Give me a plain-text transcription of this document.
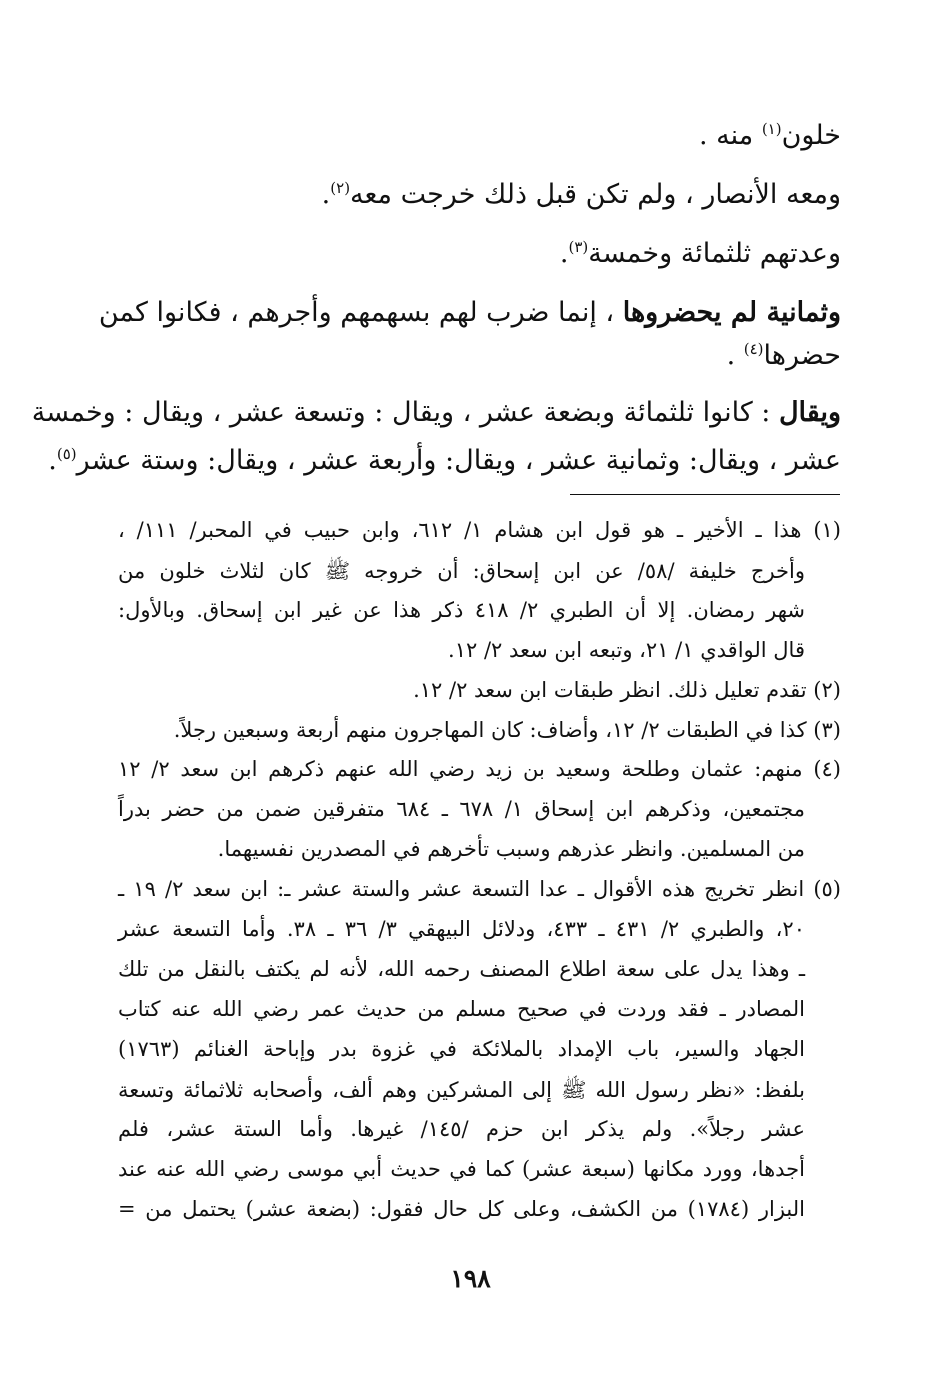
خلون$^{(١)}$ منه .
ومعه الأنصار ، ولم تكن قبل ذلك خرجت معه$^{(٢)}$.
وعدتهم ثلثمائة وخمسة$^{(٣)}$.
وثمانية لم يحضروها ، إنما ضرب لهم بسهمهم وأجرهم ، فكانوا كمن
حضرها$^{(٤)}$ .
ويقال : كانوا ثلثمائة وبضعة عشر ، ويقال : وتسعة عشر ، ويقال : وخمسة
عشر ، ويقال: وثمانية عشر ، ويقال: وأربعة عشر ، ويقال: وستة عشر$^{(٥)}$.
(١) هذا ـ الأخير ـ هو قول ابن هشام ١/ ٦١٢، وابن حبيب في المحبر/ ١١١/ ،
وأخرج خليفة /٥٨/ عن ابن إسحاق: أن خروجه ﷺ كان لثلاث خلون من
شهر رمضان. إلا أن الطبري ٢/ ٤١٨ ذكر هذا عن غير ابن إسحاق. وبالأول:
قال الواقدي ١/ ٢١، وتبعه ابن سعد ٢/ ١٢.
(٢) تقدم تعليل ذلك. انظر طبقات ابن سعد ٢/ ١٢.
(٣) كذا في الطبقات ٢/ ١٢، وأضاف: كان المهاجرون منهم أربعة وسبعين رجلاً.
(٤) منهم: عثمان وطلحة وسعيد بن زيد رضي الله عنهم ذكرهم ابن سعد ٢/ ١٢
مجتمعين، وذكرهم ابن إسحاق ١/ ٦٧٨ ـ ٦٨٤ متفرقين ضمن من حضر بدراً
من المسلمين. وانظر عذرهم وسبب تأخرهم في المصدرين نفسيهما.
(٥) انظر تخريج هذه الأقوال ـ عدا التسعة عشر والستة عشر ـ: ابن سعد ٢/ ١٩ ـ
٢٠، والطبري ٢/ ٤٣١ ـ ٤٣٣، ودلائل البيهقي ٣/ ٣٦ ـ ٣٨. وأما التسعة عشر
ـ وهذا يدل على سعة اطلاع المصنف رحمه الله، لأنه لم يكتف بالنقل من تلك
المصادر ـ فقد وردت في صحيح مسلم من حديث عمر رضي الله عنه كتاب
الجهاد والسير، باب الإمداد بالملائكة في غزوة بدر وإباحة الغنائم (١٧٦٣)
بلفظ: «نظر رسول الله ﷺ إلى المشركين وهم ألف، وأصحابه ثلاثمائة وتسعة
عشر رجلاً». ولم يذكر ابن حزم /١٤٥/ غيرها. وأما الستة عشر، فلم
أجدها، وورد مكانها (سبعة عشر) كما في حديث أبي موسى رضي الله عنه عند
البزار (١٧٨٤) من الكشف، وعلى كل حال فقول: (بضعة عشر) يحتمل من =
١٩٨
